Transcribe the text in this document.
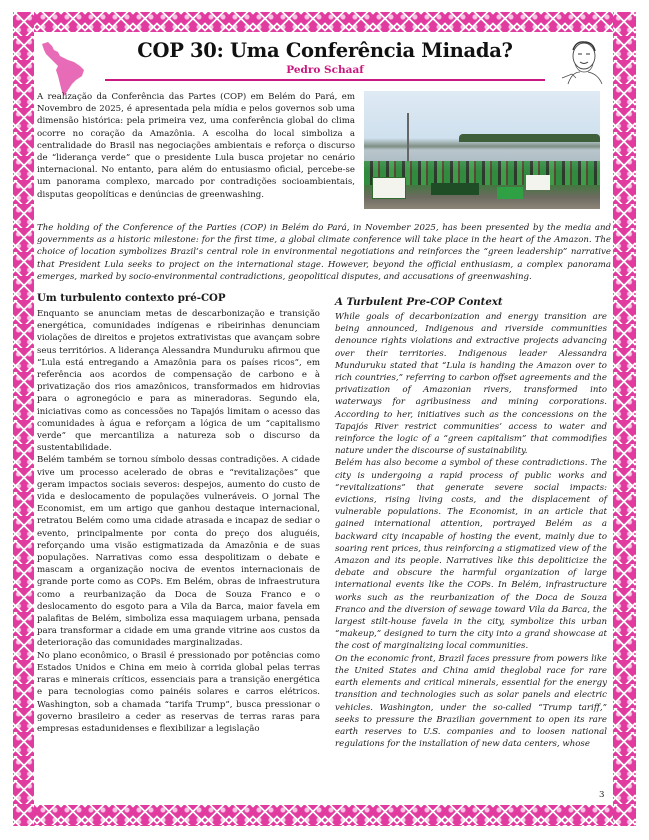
COP 30: Uma Conferência Minada?
Pedro Schaaf

A realização da Conferência das Partes (COP) em Belém do Pará, em Novembro de 2025, é apresentada pela mídia e pelos governos sob uma dimensão histórica: pela primeira vez, uma conferência global do clima ocorre no coração da Amazônia. A escolha do local simboliza a centralidade do Brasil nas negociações ambientais e reforça o discurso de “liderança verde” que o presidente Lula busca projetar no cenário internacional. No entanto, para além do entusiasmo oficial, percebe-se um panorama complexo, marcado por contradições socioambientais, disputas geopolíticas e denúncias de greenwashing.

The holding of the Conference of the Parties (COP) in Belém do Pará, in November 2025, has been presented by the media and governments as a historic milestone: for the first time, a global climate conference will take place in the heart of the Amazon. The choice of location symbolizes Brazil’s central role in environmental negotiations and reinforces the “green leadership” narrative that President Lula seeks to project on the international stage. However, beyond the official enthusiasm, a complex panorama emerges, marked by socio-environmental contradictions, geopolitical disputes, and accusations of greenwashing.

Um turbulento contexto pré-COP
Enquanto se anunciam metas de descarbonização e transição energética, comunidades indígenas e ribeirinhas denunciam violações de direitos e projetos extrativistas que avançam sobre seus territórios. A liderança Alessandra Munduruku afirmou que “Lula está entregando a Amazônia para os países ricos”, em referência aos acordos de compensação de carbono e à privatização dos rios amazônicos, transformados em hidrovias para o agronegócio e para as mineradoras. Segundo ela, iniciativas como as concessões no Tapajós limitam o acesso das comunidades à água e reforçam a lógica de um “capitalismo verde” que mercantiliza a natureza sob o discurso da sustentabilidade.
Belém também se tornou símbolo dessas contradições. A cidade vive um processo acelerado de obras e “revitalizações” que geram impactos sociais severos: despejos, aumento do custo de vida e deslocamento de populações vulneráveis. O jornal The Economist, em um artigo que ganhou destaque internacional, retratou Belém como uma cidade atrasada e incapaz de sediar o evento, principalmente por conta do preço dos aluguéis, reforçando uma visão estigmatizada da Amazônia e de suas populações. Narrativas como essa despolitizam o debate e mascam a organização nociva de eventos internacionais de grande porte como as COPs. Em Belém, obras de infraestrutura como a reurbanização da Doca de Souza Franco e o deslocamento do esgoto para a Vila da Barca, maior favela em palafitas de Belém, simboliza essa maquiagem urbana, pensada para transformar a cidade em uma grande vitrine aos custos da deterioração das comunidades marginalizadas.
No plano econômico, o Brasil é pressionado por potências como Estados Unidos e China em meio à corrida global pelas terras raras e minerais críticos, essenciais para a transição energética e para tecnologias como painéis solares e carros elétricos. Washington, sob a chamada “tarifa Trump”, busca pressionar o governo brasileiro a ceder as reservas de terras raras para empresas estadunidenses e flexibilizar a legislação
A Turbulent Pre-COP Context
While goals of decarbonization and energy transition are being announced, Indigenous and riverside communities denounce rights violations and extractive projects advancing over their territories. Indigenous leader Alessandra Munduruku stated that “Lula is handing the Amazon over to rich countries,” referring to carbon offset agreements and the privatization of Amazonian rivers, transformed into waterways for agribusiness and mining corporations. According to her, initiatives such as the concessions on the Tapajós River restrict communities’ access to water and reinforce the logic of a “green capitalism” that commodifies nature under the discourse of sustainability.
Belém has also become a symbol of these contradictions. The city is undergoing a rapid process of public works and “revitalizations” that generate severe social impacts: evictions, rising living costs, and the displacement of vulnerable populations. The Economist, in an article that gained international attention, portrayed Belém as a backward city incapable of hosting the event, mainly due to soaring rent prices, thus reinforcing a stigmatized view of the Amazon and its people. Narratives like this depoliticize the debate and obscure the harmful organization of large international events like the COPs. In Belém, infrastructure works such as the reurbanization of the Doca de Souza Franco and the diversion of sewage toward Vila da Barca, the largest stilt-house favela in the city, symbolize this urban “makeup,” designed to turn the city into a grand showcase at the cost of marginalizing local communities.
On the economic front, Brazil faces pressure from powers like the United States and China amid theglobal race for rare earth elements and critical minerals, essential for the energy transition and technologies such as solar panels and electric vehicles. Washington, under the so-called “Trump tariff,” seeks to pressure the Brazilian government to open its rare earth reserves to U.S. companies and to loosen national regulations for the installation of new data centers, whose
3
